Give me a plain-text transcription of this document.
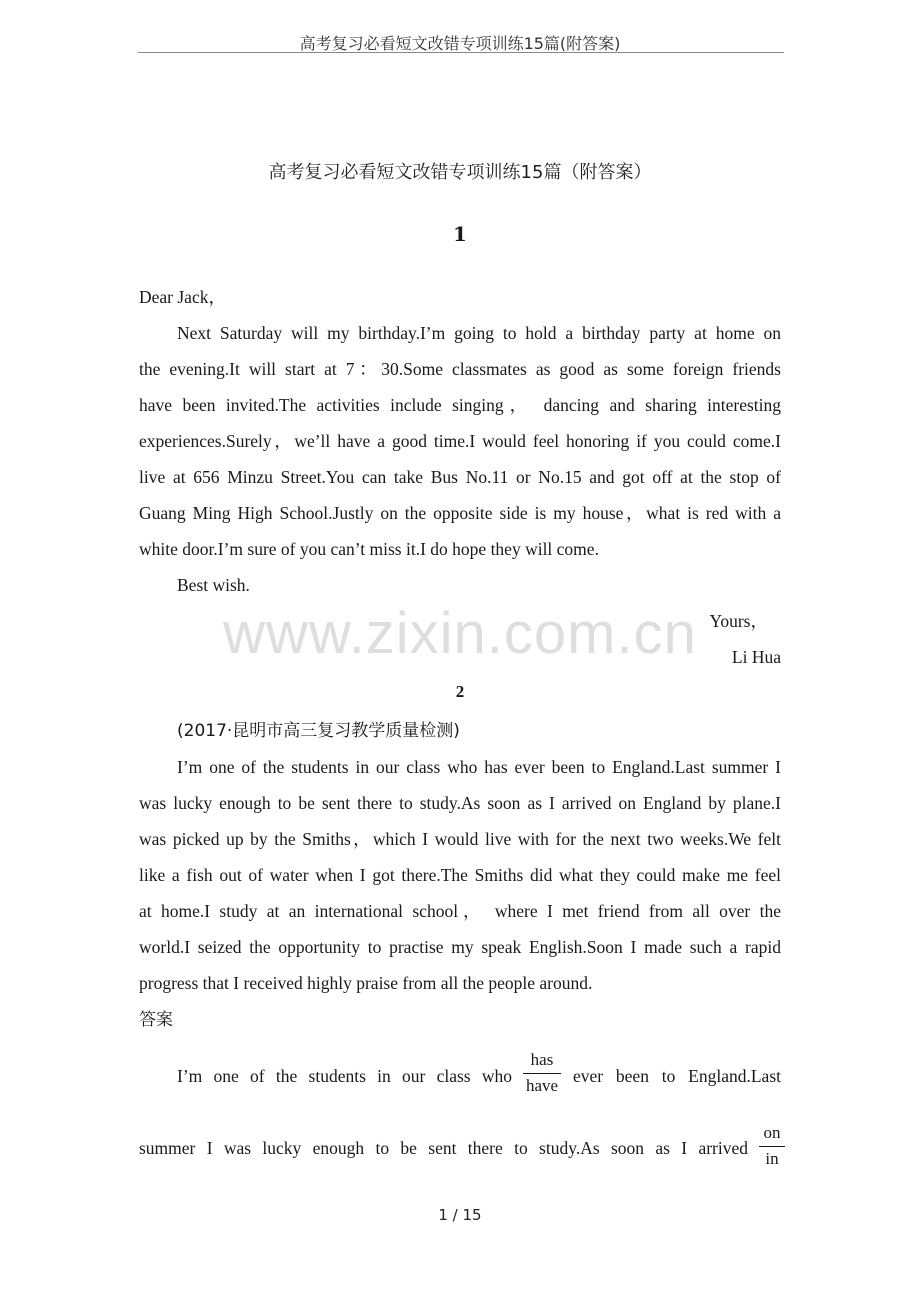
高考复习必看短文改错专项训练15篇(附答案)
高考复习必看短文改错专项训练15篇（附答案）
1
Dear Jack，
Next Saturday will my birthday.I’m going to hold a birthday party at home on
the evening.It will start at 7：30.Some classmates as good as some foreign friends
have been invited.The activities include singing， dancing and sharing interesting
experiences.Surely，we’ll have a good time.I would feel honoring if you could come.I
live at 656 Minzu Street.You can take Bus No.11 or No.15 and got off at the stop of
Guang Ming High School.Justly on the opposite side is my house，what is red with a
white door.I’m sure of you can’t miss it.I do hope they will come.
Best wish.
www.zixin.com.cn Yours，
Li Hua
2
(2017·昆明市高三复习教学质量检测)
I’m one of the students in our class who has ever been to England.Last summer I
was lucky enough to be sent there to study.As soon as I arrived on England by plane.I
was picked up by the Smiths，which I would live with for the next two weeks.We felt
like a fish out of water when I got there.The Smiths did what they could make me feel
at home.I study at an international school， where I met friend from all over the
world.I seized the opportunity to practise my speak English.Soon I made such a rapid
progress that I received highly praise from all the people around.
答案
I’m one of the students in our class who
has
have ever been to England.Last
summer I was lucky enough to be sent there to study.As soon as I arrived $\frac{on}{in}$
1 / 15
